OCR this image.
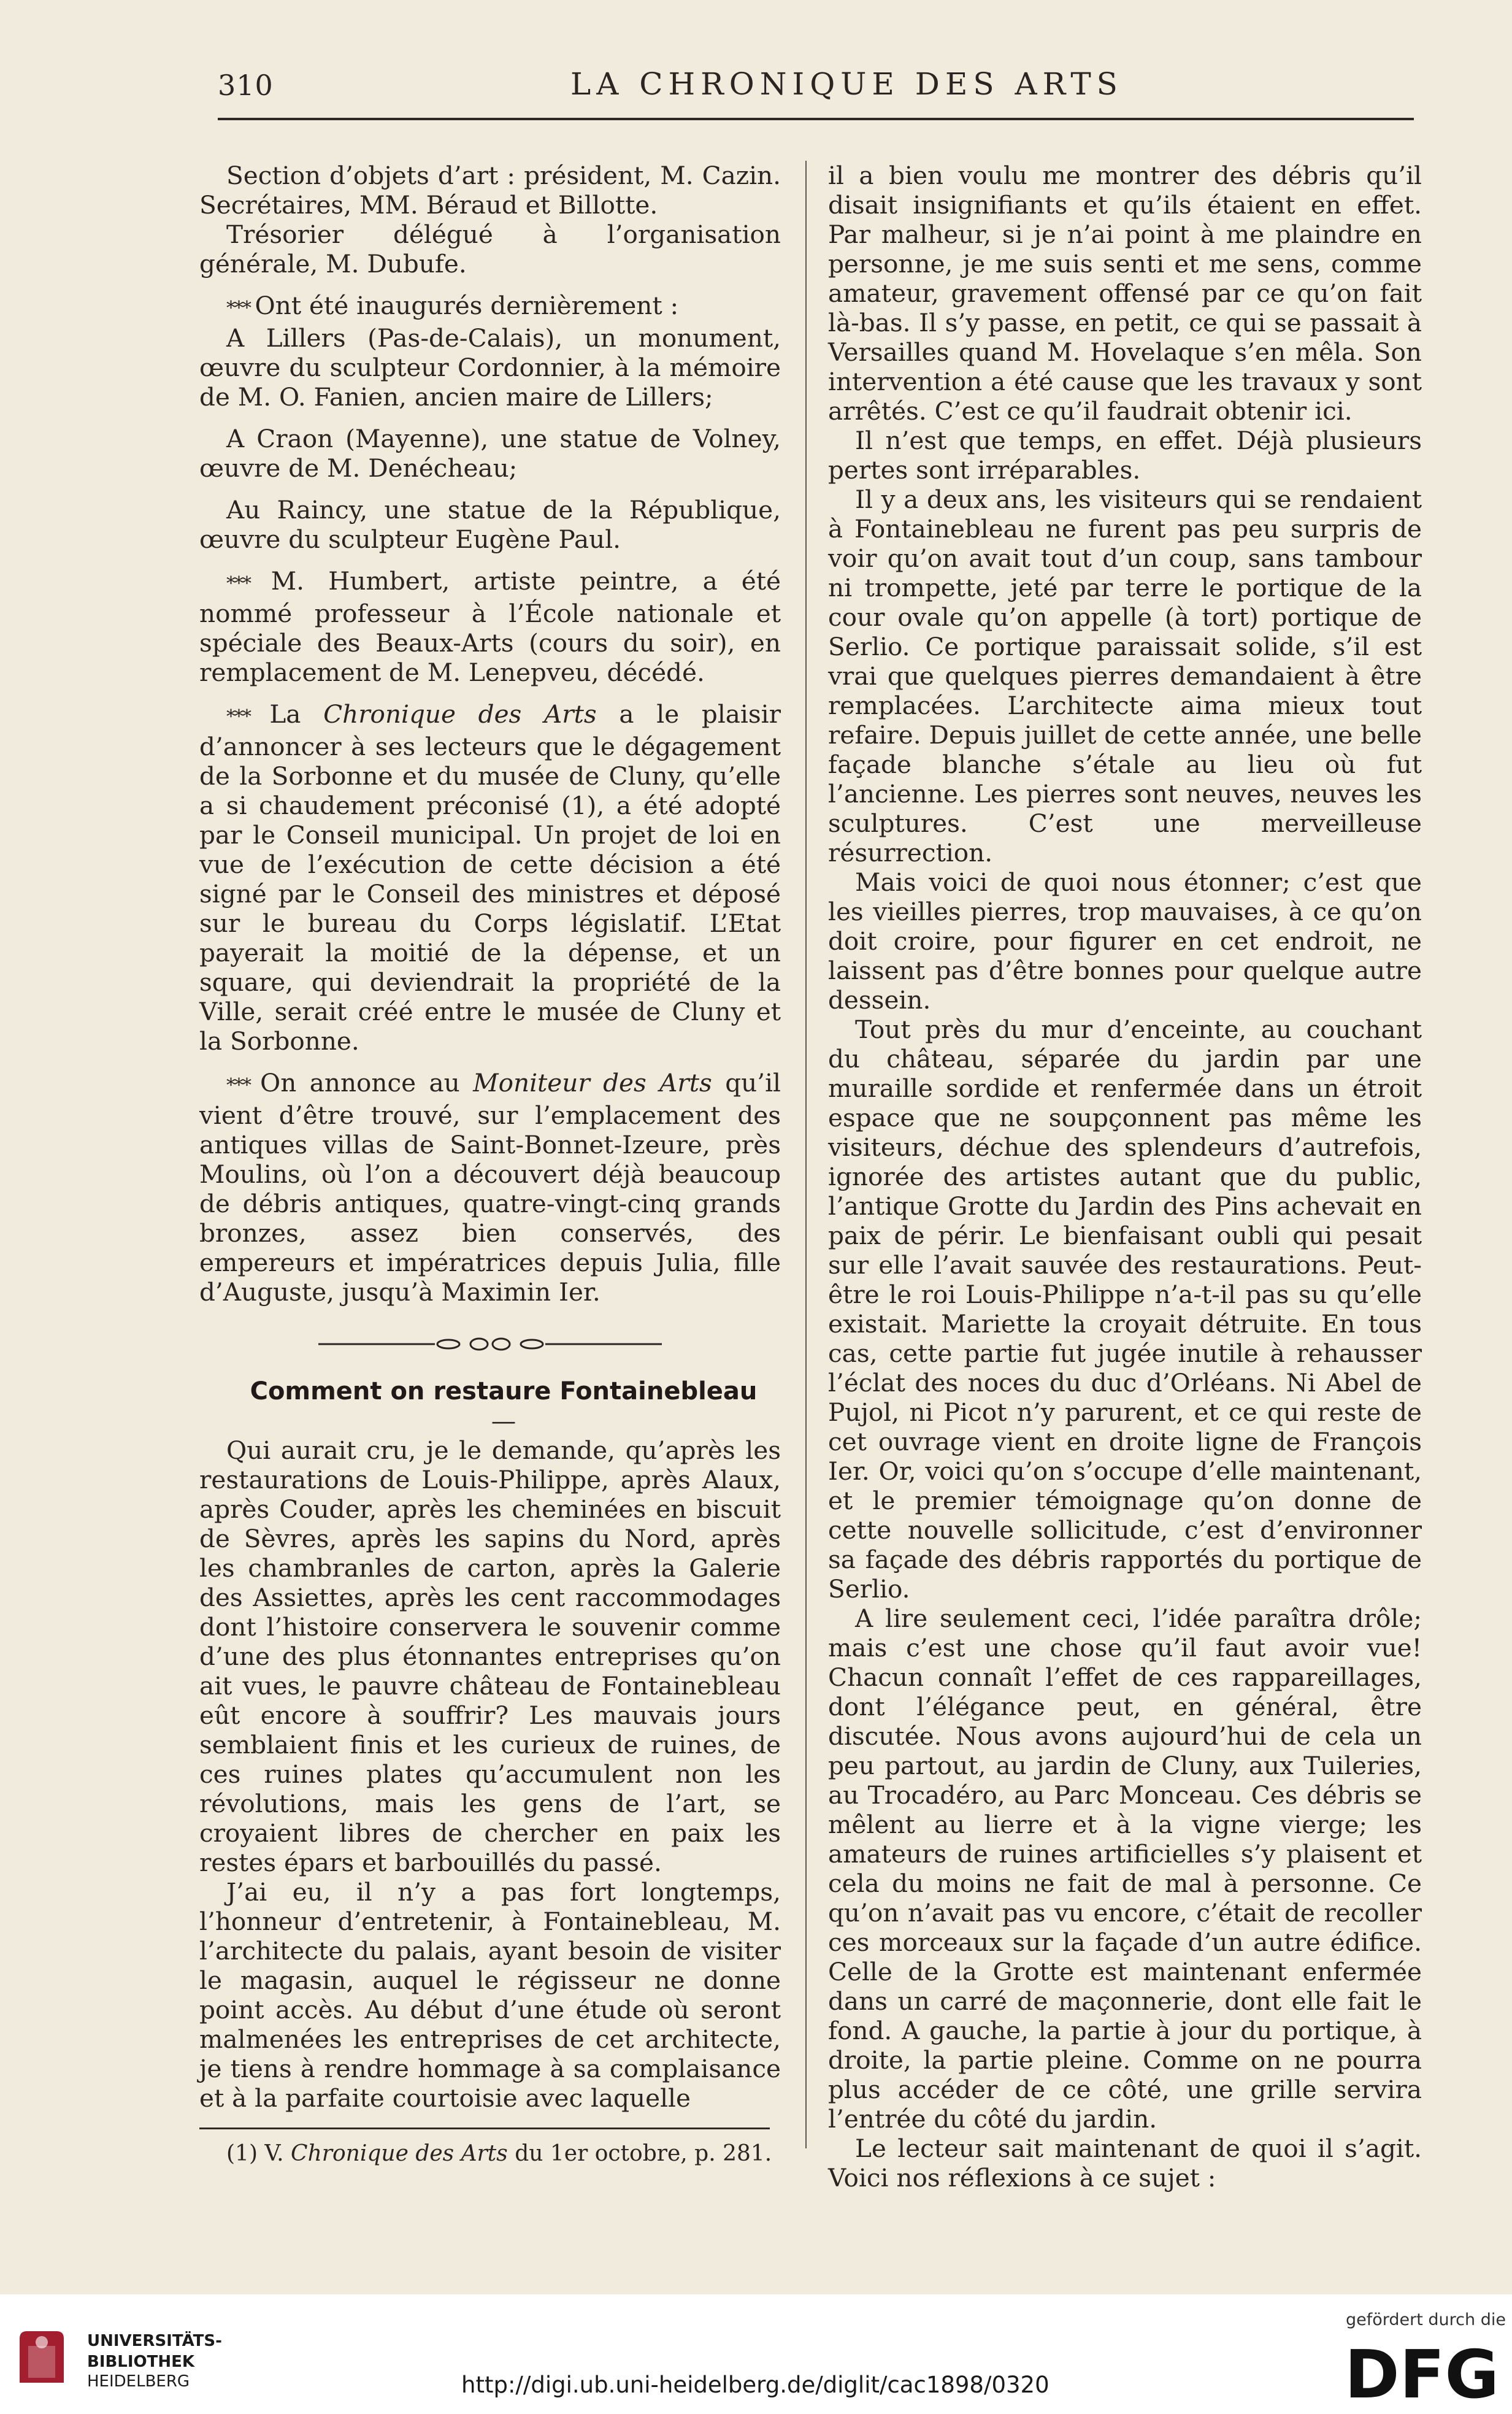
310	LA CHRONIQUE DES ARTS

Section d’objets d’art : président, M. Cazin. Secrétaires, MM. Béraud et Billotte.

Trésorier délégué à l’organisation générale, M. Dubufe.

*** Ont été inaugurés dernièrement :

A Lillers (Pas-de-Calais), un monument, œuvre du sculpteur Cordonnier, à la mémoire de M. O. Fanien, ancien maire de Lillers;

A Craon (Mayenne), une statue de Volney, œuvre de M. Denécheau;

Au Raincy, une statue de la République, œuvre du sculpteur Eugène Paul.

*** M. Humbert, artiste peintre, a été nommé professeur à l’École nationale et spéciale des Beaux-Arts (cours du soir), en remplacement de M. Lenepveu, décédé.

*** La Chronique des Arts a le plaisir d’annoncer à ses lecteurs que le dégagement de la Sorbonne et du musée de Cluny, qu’elle a si chaudement préconisé (1), a été adopté par le Conseil municipal. Un projet de loi en vue de l’exécution de cette décision a été signé par le Conseil des ministres et déposé sur le bureau du Corps législatif. L’Etat payerait la moitié de la dépense, et un square, qui deviendrait la propriété de la Ville, serait créé entre le musée de Cluny et la Sorbonne.

*** On annonce au Moniteur des Arts qu’il vient d’être trouvé, sur l’emplacement des antiques villas de Saint-Bonnet-Izeure, près Moulins, où l’on a découvert déjà beaucoup de débris antiques, quatre-vingt-cinq grands bronzes, assez bien conservés, des empereurs et impératrices depuis Julia, fille d’Auguste, jusqu’à Maximin Ier.

Comment on restaure Fontainebleau

—

Qui aurait cru, je le demande, qu’après les restaurations de Louis-Philippe, après Alaux, après Couder, après les cheminées en biscuit de Sèvres, après les sapins du Nord, après les chambranles de carton, après la Galerie des Assiettes, après les cent raccommodages dont l’histoire conservera le souvenir comme d’une des plus étonnantes entreprises qu’on ait vues, le pauvre château de Fontainebleau eût encore à souffrir? Les mauvais jours semblaient finis et les curieux de ruines, de ces ruines plates qu’accumulent non les révolutions, mais les gens de l’art, se croyaient libres de chercher en paix les restes épars et barbouillés du passé.

J’ai eu, il n’y a pas fort longtemps, l’honneur d’entretenir, à Fontainebleau, M. l’architecte du palais, ayant besoin de visiter le magasin, auquel le régisseur ne donne point accès. Au début d’une étude où seront malmenées les entreprises de cet architecte, je tiens à rendre hommage à sa complaisance et à la parfaite courtoisie avec laquelle

(1) V. Chronique des Arts du 1er octobre, p. 281.

il a bien voulu me montrer des débris qu’il disait insignifiants et qu’ils étaient en effet. Par malheur, si je n’ai point à me plaindre en personne, je me suis senti et me sens, comme amateur, gravement offensé par ce qu’on fait là-bas. Il s’y passe, en petit, ce qui se passait à Versailles quand M. Hovelaque s’en mêla. Son intervention a été cause que les travaux y sont arrêtés. C’est ce qu’il faudrait obtenir ici.

Il n’est que temps, en effet. Déjà plusieurs pertes sont irréparables.

Il y a deux ans, les visiteurs qui se rendaient à Fontainebleau ne furent pas peu surpris de voir qu’on avait tout d’un coup, sans tambour ni trompette, jeté par terre le portique de la cour ovale qu’on appelle (à tort) portique de Serlio. Ce portique paraissait solide, s’il est vrai que quelques pierres demandaient à être remplacées. L’architecte aima mieux tout refaire. Depuis juillet de cette année, une belle façade blanche s’étale au lieu où fut l’ancienne. Les pierres sont neuves, neuves les sculptures. C’est une merveilleuse résurrection.

Mais voici de quoi nous étonner; c’est que les vieilles pierres, trop mauvaises, à ce qu’on doit croire, pour figurer en cet endroit, ne laissent pas d’être bonnes pour quelque autre dessein.

Tout près du mur d’enceinte, au couchant du château, séparée du jardin par une muraille sordide et renfermée dans un étroit espace que ne soupçonnent pas même les visiteurs, déchue des splendeurs d’autrefois, ignorée des artistes autant que du public, l’antique Grotte du Jardin des Pins achevait en paix de périr. Le bienfaisant oubli qui pesait sur elle l’avait sauvée des restaurations. Peut-être le roi Louis-Philippe n’a-t-il pas su qu’elle existait. Mariette la croyait détruite. En tous cas, cette partie fut jugée inutile à rehausser l’éclat des noces du duc d’Orléans. Ni Abel de Pujol, ni Picot n’y parurent, et ce qui reste de cet ouvrage vient en droite ligne de François Ier. Or, voici qu’on s’occupe d’elle maintenant, et le premier témoignage qu’on donne de cette nouvelle sollicitude, c’est d’environner sa façade des débris rapportés du portique de Serlio.

A lire seulement ceci, l’idée paraîtra drôle; mais c’est une chose qu’il faut avoir vue! Chacun connaît l’effet de ces rappareillages, dont l’élégance peut, en général, être discutée. Nous avons aujourd’hui de cela un peu partout, au jardin de Cluny, aux Tuileries, au Trocadéro, au Parc Monceau. Ces débris se mêlent au lierre et à la vigne vierge; les amateurs de ruines artificielles s’y plaisent et cela du moins ne fait de mal à personne. Ce qu’on n’avait pas vu encore, c’était de recoller ces morceaux sur la façade d’un autre édifice. Celle de la Grotte est maintenant enfermée dans un carré de maçonnerie, dont elle fait le fond. A gauche, la partie à jour du portique, à droite, la partie pleine. Comme on ne pourra plus accéder de ce côté, une grille servira l’entrée du côté du jardin.

Le lecteur sait maintenant de quoi il s’agit. Voici nos réflexions à ce sujet :

UNIVERSITÄTS-
BIBLIOTHEK
HEIDELBERG	http://digi.ub.uni-heidelberg.de/diglit/cac1898/0320
gefördert durch die
DFG
